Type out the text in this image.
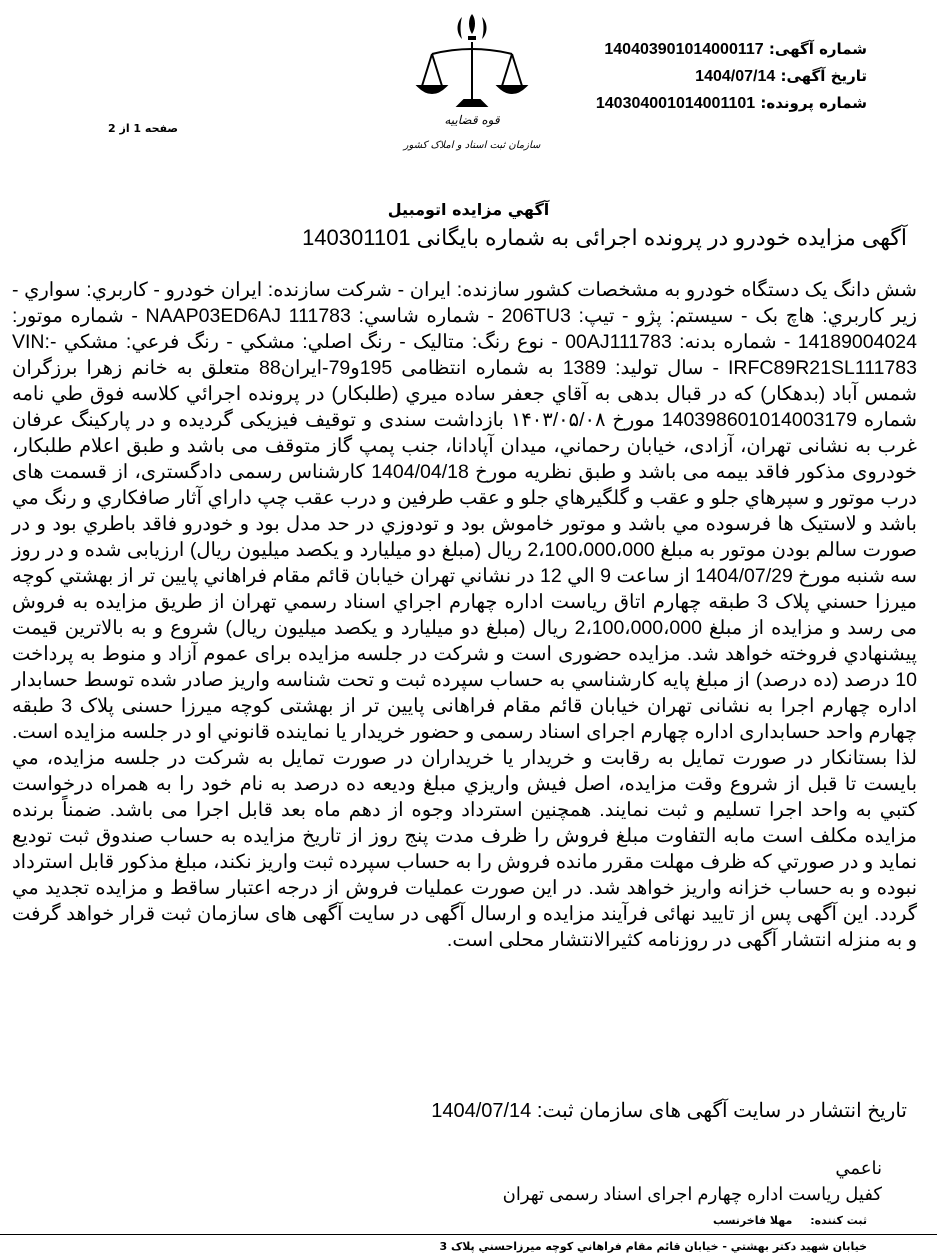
شماره آگهی: 140403901014000117
تاریخ آگهی: 1404/07/14
شماره پرونده: 140304001014001101
قوه قضاییه
سازمان ثبت اسناد و املاک کشور
صفحه 1 از 2
آگهي مزايده اتومبيل
آگهی مزایده خودرو در پرونده اجرائی به شماره بایگانی 140301101

شش دانگ یک دستگاه خودرو به مشخصات کشور سازنده: ایران - شرکت سازنده: ایران خودرو - کاربري: سواري - زير كاربري: هاچ بک - سیستم: پژو - تیپ: 206TU3 - شماره شاسي: NAAP03ED6AJ 111783 - شماره موتور: 14189004024 - شماره بدنه: 00AJ111783 - نوع رنگ: متاليک - رنگ اصلي: مشكي - رنگ فرعي: مشکي -VIN: IRFC89R21SL111783 - سال تولید: 1389 به شماره انتظامی 195و79-ایران88 متعلق به خانم زهرا برزگران شمس آباد (بدهکار) که در قبال بدهی به آقاي جعفر ساده ميري (طلبکار) در پرونده اجرائي كلاسه فوق طي نامه شماره 140398601014003179 مورخ ۱۴۰۳/۰۵/۰۸ بازداشت سندی و توقیف فیزیکی گردیده و در پارکینگ عرفان غرب به نشانی تهران، آزادی، خيابان رحماني، میدان آپادانا، جنب پمپ گاز متوقف می باشد و طبق اعلام طلبکار، خودروی مذکور فاقد بیمه می باشد و طبق نظریه مورخ 1404/04/18 كارشناس رسمی دادگستری، از قسمت های درب موتور و سپرهاي جلو و عقب و گلگيرهاي جلو و عقب طرفين و درب عقب چپ داراي آثار صافكاري و رنگ مي باشد و لاستيک ها فرسوده مي باشد و موتور خاموش بود و تودوزي در حد مدل بود و خودرو فاقد باطري بود و در صورت سالم بودن موتور به مبلغ 2،100،000،000 ریال (مبلغ دو میلیارد و یکصد میلیون ریال) ارزیابی شده و در روز سه شنبه مورخ 1404/07/29 از ساعت 9 الي 12 در نشاني تهران خيابان قائم مقام فراهاني پايين تر از بهشتي كوچه ميرزا حسني پلاک 3 طبقه چهارم اتاق رياست اداره چهارم اجراي اسناد رسمي تهران از طریق مزایده به فروش می رسد و مزایده از مبلغ 2،100،000،000 ریال (مبلغ دو میلیارد و یکصد میلیون ریال) شروع و به بالاترین قیمت پیشنهادي فروخته خواهد شد. مزایده حضوری است و شرکت در جلسه مزایده برای عموم آزاد و منوط به پرداخت 10 درصد (ده درصد) از مبلغ پایه کارشناسي به حساب سپرده ثبت و تحت شناسه واريز صادر شده توسط حسابدار اداره چهارم اجرا به نشانی تهران خیابان قائم مقام فراهانی پایین تر از بهشتی کوچه میرزا حسنی پلاک 3 طبقه چهارم واحد حسابداری اداره چهارم اجرای اسناد رسمی و حضور خريدار يا نماينده قانوني او در جلسه مزايده است. لذا بستانكار در صورت تمايل به رقابت و خريدار يا خريداران در صورت تمايل به شركت در جلسه مزايده، مي بايست تا قبل از شروع وقت مزايده، اصل فيش واريزي مبلغ وديعه ده درصد به نام خود را به همراه درخواست كتبي به واحد اجرا تسليم و ثبت نمايند. همچنین استرداد وجوه از دهم ماه بعد قابل اجرا می باشد. ضمناً برنده مزایده مکلف است مابه التفاوت مبلغ فروش را ظرف مدت پنج روز از تاريخ مزايده به حساب صندوق ثبت توديع نمايد و در صورتي كه ظرف مهلت مقرر مانده فروش را به حساب سپرده ثبت واريز نكند، مبلغ مذكور قابل استرداد نبوده و به حساب خزانه واريز خواهد شد. در اين صورت عمليات فروش از درجه اعتبار ساقط و مزايده تجديد مي گردد. اين آگهی پس از تاييد نهائی فرآيند مزايده و ارسال آگهی در سايت آگهی های سازمان ثبت قرار خواهد گرفت و به منزله انتشار آگهی در روزنامه کثیرالانتشار محلی است.

تاریخ انتشار در سایت آگهی های سازمان ثبت: 1404/07/14
ناعمي
کفیل ریاست اداره چهارم اجرای اسناد رسمی تهران
ثبت كننده:مهلا فاخرنسب
خيابان شهيد دكتر بهشتي - خيابان قائم مقام فراهاني كوچه ميرزاحسني پلاک 3
